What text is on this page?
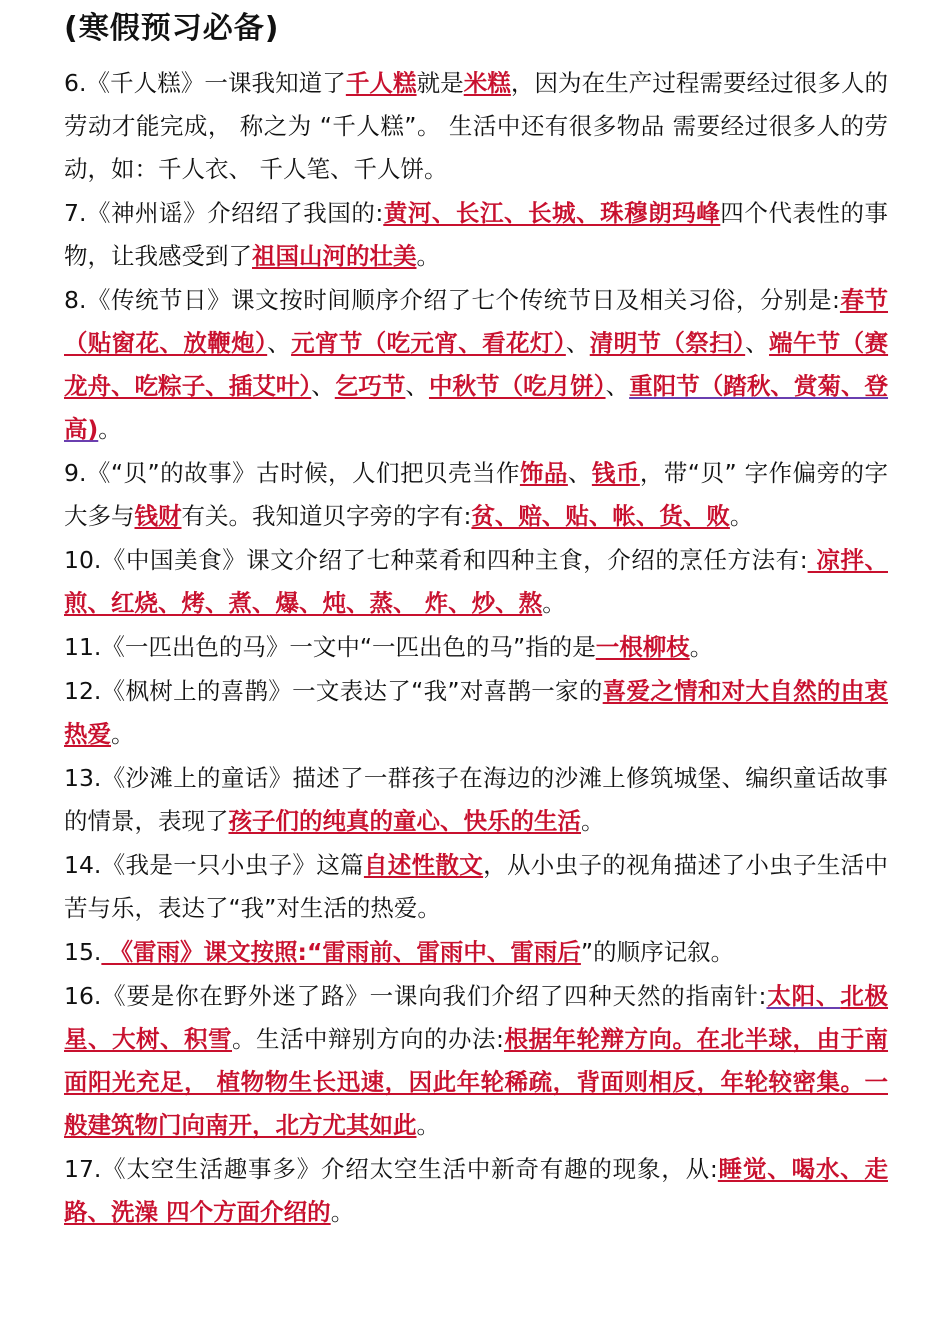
(寒假预习必备)
6.《千人糕》一课我知道了千人糕就是米糕，因为在生产过程需要经过很多人的劳动才能完成， 称之为 “千人糕”。 生活中还有很多物品 需要经过很多人的劳动，如：千人衣、 千人笔、千人饼。
7.《神州谣》介绍绍了我国的:黄河、长江、长城、珠穆朗玛峰四个代表性的事物，让我感受到了祖国山河的壮美。
8.《传统节日》课文按时间顺序介绍了七个传统节日及相关习俗，分别是:春节（贴窗花、放鞭炮）、元宵节（吃元宵、看花灯）、清明节（祭扫）、端午节（赛龙舟、吃粽子、插艾叶）、乞巧节、中秋节（吃月饼）、重阳节（踏秋、赏菊、登高)。
9.《“贝”的故事》古时候，人们把贝壳当作饰品、钱币，带“贝” 字作偏旁的字大多与钱财有关。我知道贝字旁的字有:贫、赔、贴、帐、货、败。
10.《中国美食》课文介绍了七种菜肴和四种主食，介绍的烹任方法有: 凉拌、煎、红烧、烤、煮、爆、炖、蒸、 炸、炒、熬。
11.《一匹出色的马》一文中“一匹出色的马”指的是一根柳枝。
12.《枫树上的喜鹊》一文表达了“我”对喜鹊一家的喜爱之情和对大自然的由衷热爱。
13.《沙滩上的童话》描述了一群孩子在海边的沙滩上修筑城堡、编织童话故事的情景，表现了孩子们的纯真的童心、快乐的生活。
14.《我是一只小虫子》这篇自述性散文，从小虫子的视角描述了小虫子生活中苦与乐，表达了“我”对生活的热爱。
15. 《雷雨》课文按照:“雷雨前、雷雨中、雷雨后”的顺序记叙。
16.《要是你在野外迷了路》一课向我们介绍了四种天然的指南针:太阳、北极星、大树、积雪。生活中辩别方向的办法:根据年轮辩方向。在北半球，由于南面阳光充足， 植物物生长迅速，因此年轮稀疏，背面则相反，年轮较密集。一般建筑物门向南开，北方尤其如此。
17.《太空生活趣事多》介绍太空生活中新奇有趣的现象，从:睡觉、喝水、走路、洗澡 四个方面介绍的。
